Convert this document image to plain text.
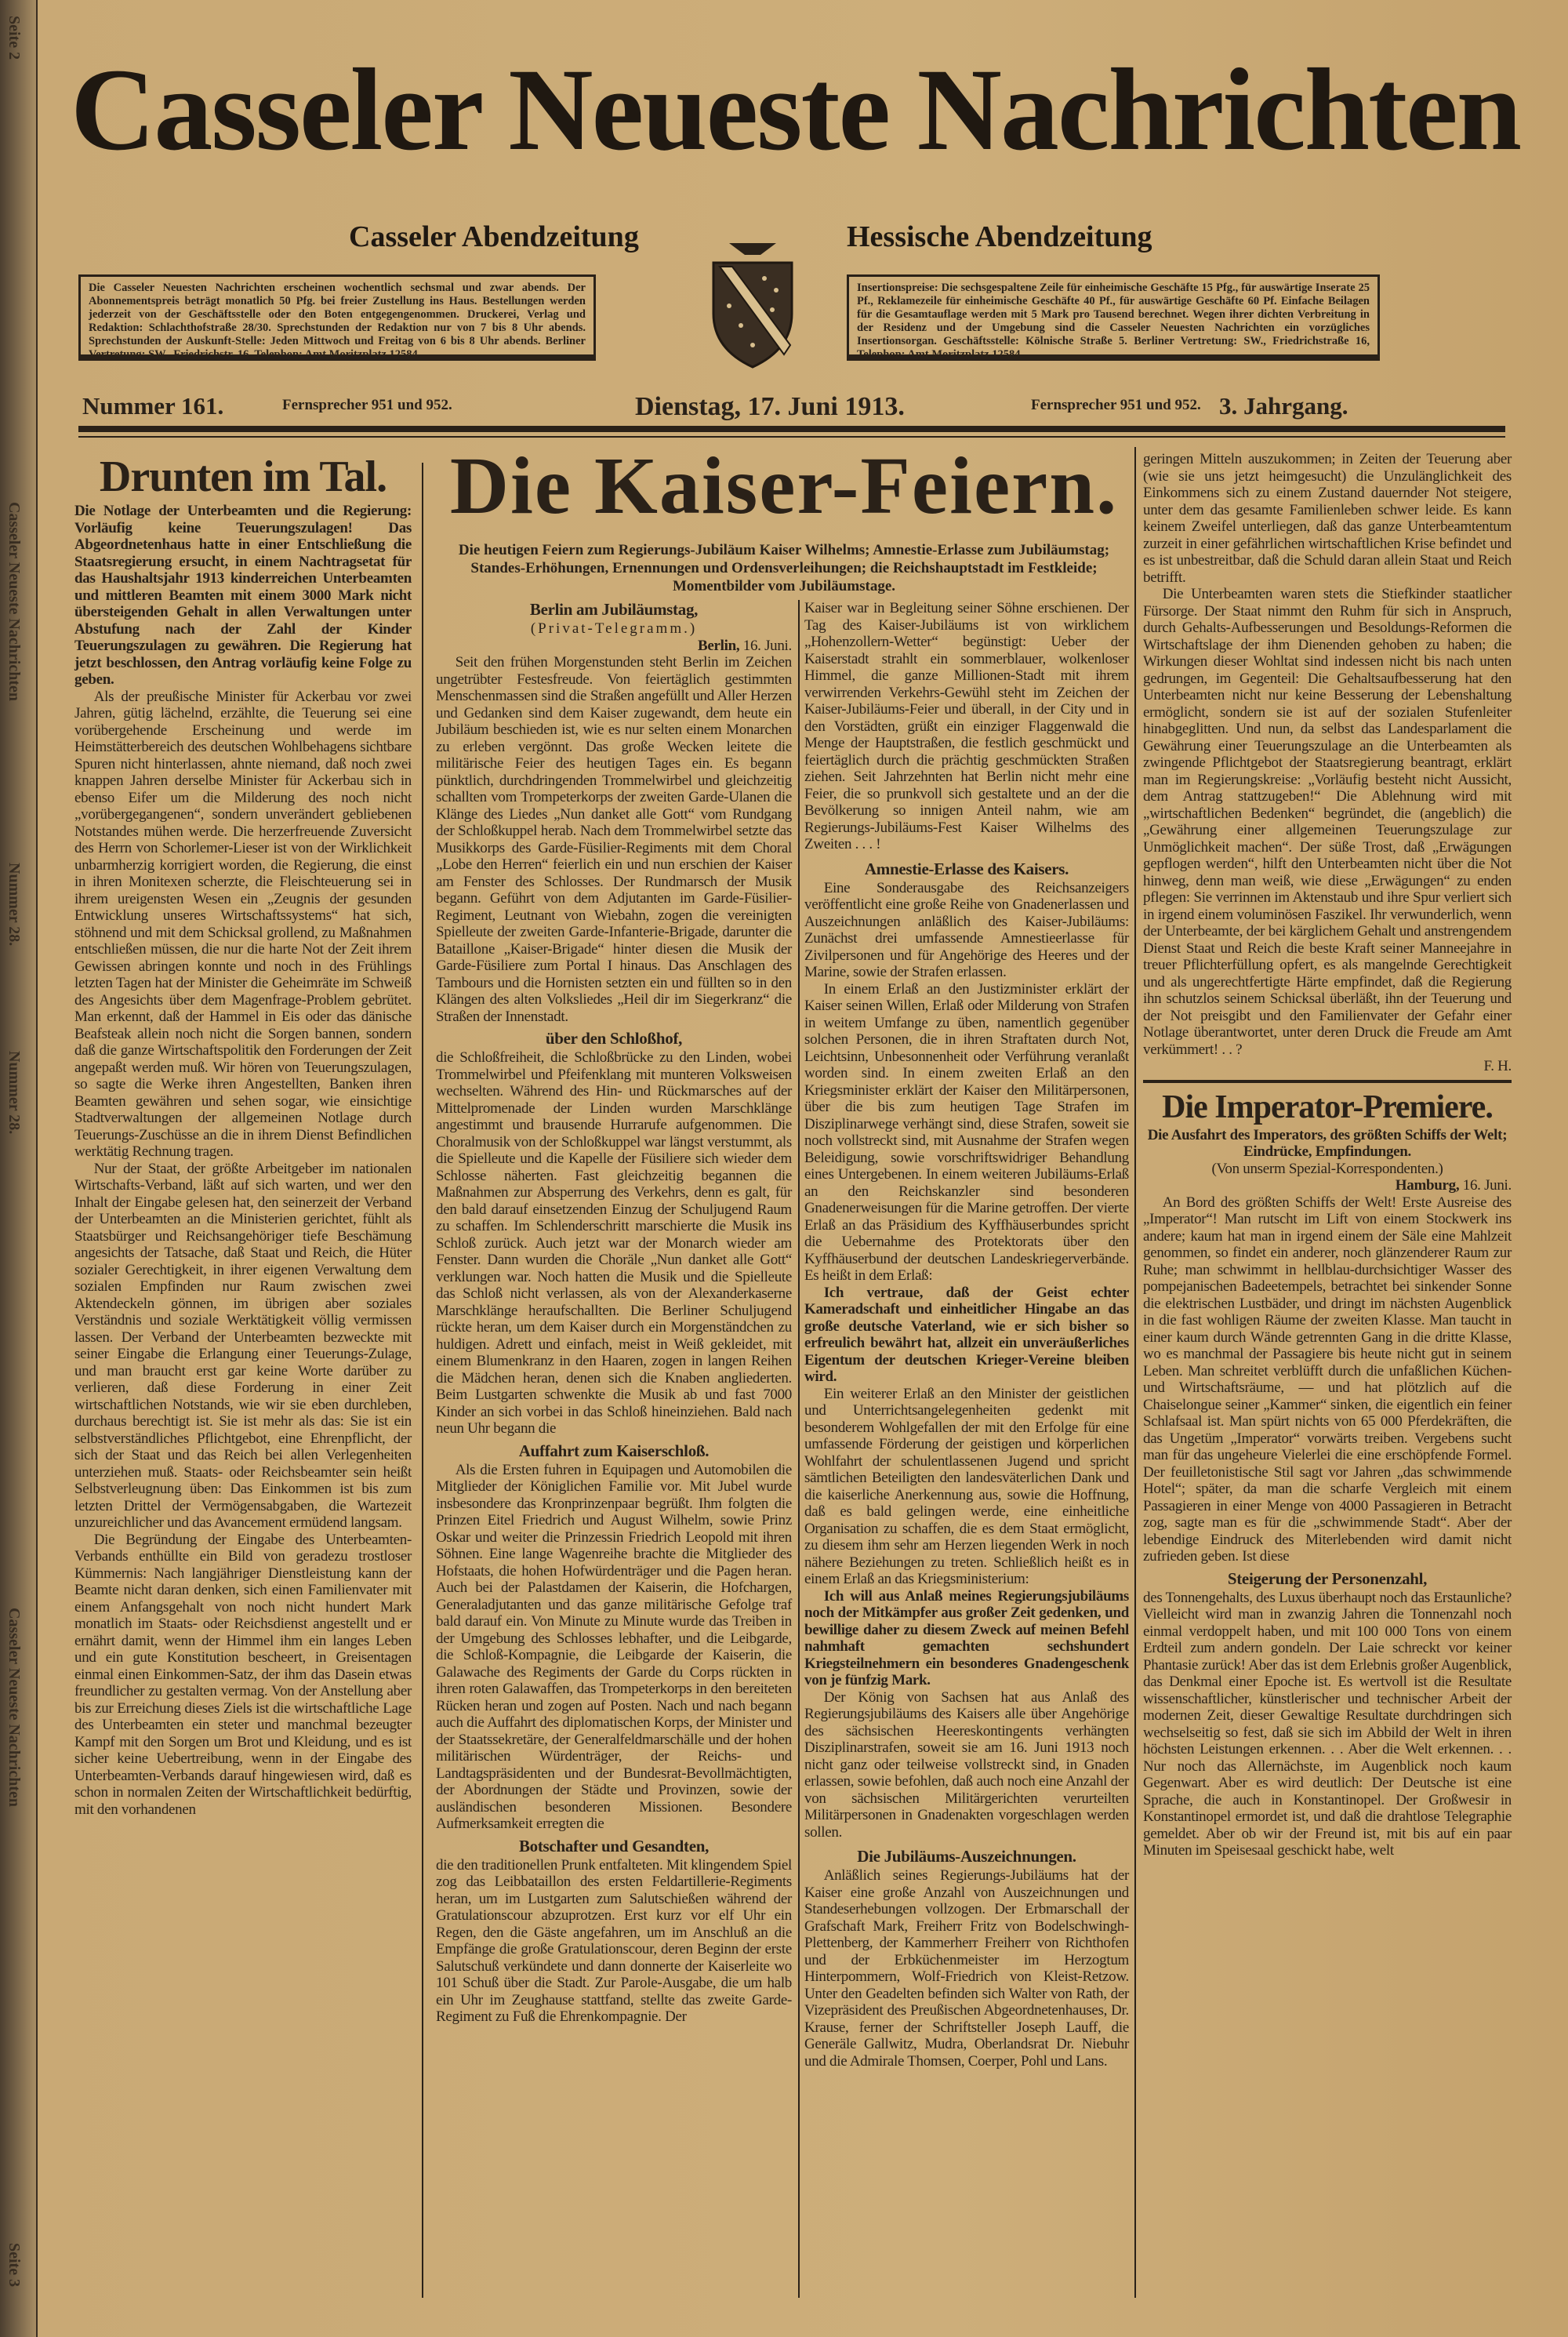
Seite 2
Casseler Neueste Nachrichten
Nummer 28.
Nummer 28.
Casseler Neueste Nachrichten
Seite 3
Casseler Neueste Nachrichten
Casseler Abendzeitung	Hessische Abendzeitung
Die Casseler Neuesten Nachrichten erscheinen wochentlich sechsmal und zwar abends. Der Abonnementspreis beträgt monatlich 50 Pfg. bei freier Zustellung ins Haus. Bestellungen werden jederzeit von der Geschäftsstelle oder den Boten entgegengenommen. Druckerei, Verlag und Redaktion: Schlachthofstraße 28/30. Sprechstunden der Redaktion nur von 7 bis 8 Uhr abends. Sprechstunden der Auskunft-Stelle: Jeden Mittwoch und Freitag von 6 bis 8 Uhr abends. Berliner Vertretung: SW., Friedrichstr. 16, Telephon: Amt Moritzplatz 12584.
Insertionspreise: Die sechsgespaltene Zeile für einheimische Geschäfte 15 Pfg., für auswärtige Inserate 25 Pf., Reklamezeile für einheimische Geschäfte 40 Pf., für auswärtige Geschäfte 60 Pf. Einfache Beilagen für die Gesamtauflage werden mit 5 Mark pro Tausend berechnet. Wegen ihrer dichten Verbreitung in der Residenz und der Umgebung sind die Casseler Neuesten Nachrichten ein vorzügliches Insertionsorgan. Geschäftsstelle: Kölnische Straße 5. Berliner Vertretung: SW., Friedrichstraße 16, Telephon: Amt Moritzplatz 12584
Nummer 161.	Fernsprecher 951 und 952.	Dienstag, 17. Juni 1913.	Fernsprecher 951 und 952. 3. Jahrgang.
Drunten im Tal.

Die Notlage der Unterbeamten und die Regierung: Vorläufig keine Teuerungszulagen! Das Abgeordnetenhaus hatte in einer Entschließung die Staatsregierung ersucht, in einem Nachtragsetat für das Haushaltsjahr 1913 kinderreichen Unterbeamten und mittleren Beamten mit einem 3000 Mark nicht übersteigenden Gehalt in allen Verwaltungen unter Abstufung nach der Zahl der Kinder Teuerungszulagen zu gewähren. Die Regierung hat jetzt beschlossen, den Antrag vorläufig keine Folge zu geben.

Als der preußische Minister für Ackerbau vor zwei Jahren, gütig lächelnd, erzählte, die Teuerung sei eine vorübergehende Erscheinung und werde im Heimstätterbereich des deutschen Wohlbehagens sichtbare Spuren nicht hinterlassen, ahnte niemand, daß noch zwei knappen Jahren derselbe Minister für Ackerbau sich in ebenso Eifer um die Milderung des noch nicht „vorübergegangenen“, sondern unverändert gebliebenen Notstandes mühen werde. Die herzerfreuende Zuversicht des Herrn von Schorlemer-Lieser ist von der Wirklichkeit unbarmherzig korrigiert worden, die Regierung, die einst in ihren Monitexen scherzte, die Fleischteuerung sei in ihrem ureigensten Wesen ein „Zeugnis der gesunden Entwicklung unseres Wirtschaftssystems“ hat sich, stöhnend und mit dem Schicksal grollend, zu Maßnahmen entschließen müssen, die nur die harte Not der Zeit ihrem Gewissen abringen konnte und noch in des Frühlings letzten Tagen hat der Minister die Geheimräte im Schweiß des Angesichts über dem Magenfrage-Problem gebrütet. Man erkennt, daß der Hammel in Eis oder das dänische Beafsteak allein noch nicht die Sorgen bannen, sondern daß die ganze Wirtschaftspolitik den Forderungen der Zeit angepaßt werden muß. Wir hören von Teuerungszulagen, so sagte die Werke ihren Angestellten, Banken ihren Beamten gewähren und sehen sogar, wie einsichtige Stadtverwaltungen der allgemeinen Notlage durch Teuerungs-Zuschüsse an die in ihrem Dienst Befindlichen werktätig Rechnung tragen.

Nur der Staat, der größte Arbeitgeber im nationalen Wirtschafts-Verband, läßt auf sich warten, und wer den Inhalt der Eingabe gelesen hat, den seinerzeit der Verband der Unterbeamten an die Ministerien gerichtet, fühlt als Staatsbürger und Reichsangehöriger tiefe Beschämung angesichts der Tatsache, daß Staat und Reich, die Hüter sozialer Gerechtigkeit, in ihrer eigenen Verwaltung dem sozialen Empfinden nur Raum zwischen zwei Aktendeckeln gönnen, im übrigen aber soziales Verständnis und soziale Werktätigkeit völlig vermissen lassen. Der Verband der Unterbeamten bezweckte mit seiner Eingabe die Erlangung einer Teuerungs-Zulage, und man braucht erst gar keine Worte darüber zu verlieren, daß diese Forderung in einer Zeit wirtschaftlichen Notstands, wie wir sie eben durchleben, durchaus berechtigt ist. Sie ist mehr als das: Sie ist ein selbstverständliches Pflichtgebot, eine Ehrenpflicht, der sich der Staat und das Reich bei allen Verlegenheiten unterziehen muß. Staats- oder Reichsbeamter sein heißt Selbstverleugnung üben: Das Einkommen ist bis zum letzten Drittel der Vermögensabgaben, die Wartezeit unzureichlicher und das Avancement ermüdend langsam.

Die Begründung der Eingabe des Unterbeamten-Verbands enthüllte ein Bild von geradezu trostloser Kümmernis: Nach langjähriger Dienstleistung kann der Beamte nicht daran denken, sich einen Familienvater mit einem Anfangsgehalt von noch nicht hundert Mark monatlich im Staats- oder Reichsdienst angestellt und er ernährt damit, wenn der Himmel ihm ein langes Leben und ein gute Konstitution bescheert, in Greisentagen einmal einen Einkommen-Satz, der ihm das Dasein etwas freundlicher zu gestalten vermag. Von der Anstellung aber bis zur Erreichung dieses Ziels ist die wirtschaftliche Lage des Unterbeamten ein steter und manchmal bezeugter Kampf mit den Sorgen um Brot und Kleidung, und es ist sicher keine Uebertreibung, wenn in der Eingabe des Unterbeamten-Verbands darauf hingewiesen wird, daß es schon in normalen Zeiten der Wirtschaftlichkeit bedürftig, mit den vorhandenen

Die Kaiser-Feiern.
Die heutigen Feiern zum Regierungs-Jubiläum Kaiser Wilhelms; Amnestie-Erlasse zum Jubiläumstag; Standes-Erhöhungen, Ernennungen und Ordensverleihungen; die Reichshauptstadt im Festkleide; Momentbilder vom Jubiläumstage.
Berlin am Jubiläumstag,

(Privat-Telegramm.)

Berlin, 16. Juni.

Seit den frühen Morgenstunden steht Berlin im Zeichen ungetrübter Festesfreude. Von feiertäglich gestimmten Menschenmassen sind die Straßen angefüllt und Aller Herzen und Gedanken sind dem Kaiser zugewandt, dem heute ein Jubiläum beschieden ist, wie es nur selten einem Monarchen zu erleben vergönnt. Das große Wecken leitete die militärische Feier des heutigen Tages ein. Es begann pünktlich, durchdringenden Trommelwirbel und gleichzeitig schallten vom Trompeterkorps der zweiten Garde-Ulanen die Klänge des Liedes „Nun danket alle Gott“ vom Rundgang der Schloßkuppel herab. Nach dem Trommelwirbel setzte das Musikkorps des Garde-Füsilier-Regiments mit dem Choral „Lobe den Herren“ feierlich ein und nun erschien der Kaiser am Fenster des Schlosses. Der Rundmarsch der Musik begann. Geführt von dem Adjutanten im Garde-Füsilier-Regiment, Leutnant von Wiebahn, zogen die vereinigten Spielleute der zweiten Garde-Infanterie-Brigade, darunter die Bataillone „Kaiser-Brigade“ hinter diesen die Musik der Garde-Füsiliere zum Portal I hinaus. Das Anschlagen des Tambours und die Hornisten setzten ein und füllten so in den Klängen des alten Volksliedes „Heil dir im Siegerkranz“ die Straßen der Innenstadt.

über den Schloßhof,

die Schloßfreiheit, die Schloßbrücke zu den Linden, wobei Trommelwirbel und Pfeifenklang mit munteren Volksweisen wechselten. Während des Hin- und Rückmarsches auf der Mittelpromenade der Linden wurden Marschklänge angestimmt und brausende Hurrarufe aufgenommen. Die Choralmusik von der Schloßkuppel war längst verstummt, als die Spielleute und die Kapelle der Füsiliere sich wieder dem Schlosse näherten. Fast gleichzeitig begannen die Maßnahmen zur Absperrung des Verkehrs, denn es galt, für den bald darauf einsetzenden Einzug der Schuljugend Raum zu schaffen. Im Schlenderschritt marschierte die Musik ins Schloß zurück. Auch jetzt war der Monarch wieder am Fenster. Dann wurden die Choräle „Nun danket alle Gott“ verklungen war. Noch hatten die Musik und die Spielleute das Schloß nicht verlassen, als von der Alexanderkaserne Marschklänge heraufschallten. Die Berliner Schuljugend rückte heran, um dem Kaiser durch ein Morgenständchen zu huldigen. Adrett und einfach, meist in Weiß gekleidet, mit einem Blumenkranz in den Haaren, zogen in langen Reihen die Mädchen heran, denen sich die Knaben angliederten. Beim Lustgarten schwenkte die Musik ab und fast 7000 Kinder an sich vorbei in das Schloß hineinziehen. Bald nach neun Uhr begann die

Auffahrt zum Kaiserschloß.

Als die Ersten fuhren in Equipagen und Automobilen die Mitglieder der Königlichen Familie vor. Mit Jubel wurde insbesondere das Kronprinzenpaar begrüßt. Ihm folgten die Prinzen Eitel Friedrich und August Wilhelm, sowie Prinz Oskar und weiter die Prinzessin Friedrich Leopold mit ihren Söhnen. Eine lange Wagenreihe brachte die Mitglieder des Hofstaats, die hohen Hofwürdenträger und die Pagen heran. Auch bei der Palastdamen der Kaiserin, die Hofchargen, Generaladjutanten und das ganze militärische Gefolge traf bald darauf ein. Von Minute zu Minute wurde das Treiben in der Umgebung des Schlosses lebhafter, und die Leibgarde, die Schloß-Kompagnie, die Leibgarde der Kaiserin, die Galawache des Regiments der Garde du Corps rückten in ihren roten Galawaffen, das Trompeterkorps in den bereiteten Rücken heran und zogen auf Posten. Nach und nach begann auch die Auffahrt des diplomatischen Korps, der Minister und der Staatssekretäre, der Generalfeldmarschälle und der hohen militärischen Würdenträger, der Reichs- und Landtagspräsidenten und der Bundesrat-Bevollmächtigten, der Abordnungen der Städte und Provinzen, sowie der ausländischen besonderen Missionen. Besondere Aufmerksamkeit erregten die

Botschafter und Gesandten,

die den traditionellen Prunk entfalteten. Mit klingendem Spiel zog das Leibbataillon des ersten Feldartillerie-Regiments heran, um im Lustgarten zum Salutschießen während der Gratulationscour abzuprotzen. Erst kurz vor elf Uhr ein Regen, den die Gäste angefahren, um im Anschluß an die Empfänge die große Gratulationscour, deren Beginn der erste Salutschuß verkündete und dann donnerte der Kaiserleite wo 101 Schuß über die Stadt. Zur Parole-Ausgabe, die um halb ein Uhr im Zeughause stattfand, stellte das zweite Garde-Regiment zu Fuß die Ehrenkompagnie. Der

Kaiser war in Begleitung seiner Söhne erschienen. Der Tag des Kaiser-Jubiläums ist von wirklichem „Hohenzollern-Wetter“ begünstigt: Ueber der Kaiserstadt strahlt ein sommerblauer, wolkenloser Himmel, die ganze Millionen-Stadt mit ihrem verwirrenden Verkehrs-Gewühl steht im Zeichen der Kaiser-Jubiläums-Feier und überall, in der City und in den Vorstädten, grüßt ein einziger Flaggenwald die Menge der Hauptstraßen, die festlich geschmückt und feiertäglich durch die prächtig geschmückten Straßen ziehen. Seit Jahrzehnten hat Berlin nicht mehr eine Feier, die so prunkvoll sich gestaltete und an der die Bevölkerung so innigen Anteil nahm, wie am Regierungs-Jubiläums-Fest Kaiser Wilhelms des Zweiten . . . !

Amnestie-Erlasse des Kaisers.

Eine Sonderausgabe des Reichsanzeigers veröffentlicht eine große Reihe von Gnadenerlassen und Auszeichnungen anläßlich des Kaiser-Jubiläums: Zunächst drei umfassende Amnestieerlasse für Zivilpersonen und für Angehörige des Heeres und der Marine, sowie der Strafen erlassen.

In einem Erlaß an den Justizminister erklärt der Kaiser seinen Willen, Erlaß oder Milderung von Strafen in weitem Umfange zu üben, namentlich gegenüber solchen Personen, die in ihren Straftaten durch Not, Leichtsinn, Unbesonnenheit oder Verführung veranlaßt worden sind. In einem zweiten Erlaß an den Kriegsminister erklärt der Kaiser den Militärpersonen, über die bis zum heutigen Tage Strafen im Disziplinarwege verhängt sind, diese Strafen, soweit sie noch vollstreckt sind, mit Ausnahme der Strafen wegen Beleidigung, sowie vorschriftswidriger Behandlung eines Untergebenen. In einem weiteren Jubiläums-Erlaß an den Reichskanzler sind besonderen Gnadenerweisungen für die Marine getroffen. Der vierte Erlaß an das Präsidium des Kyffhäuserbundes spricht die Uebernahme des Protektorats über den Kyffhäuserbund der deutschen Landeskriegerverbände. Es heißt in dem Erlaß:

Ich vertraue, daß der Geist echter Kameradschaft und einheitlicher Hingabe an das große deutsche Vaterland, wie er sich bisher so erfreulich bewährt hat, allzeit ein unveräußerliches Eigentum der deutschen Krieger-Vereine bleiben wird.

Ein weiterer Erlaß an den Minister der geistlichen und Unterrichtsangelegenheiten gedenkt mit besonderem Wohlgefallen der mit den Erfolge für eine umfassende Förderung der geistigen und körperlichen Wohlfahrt der schulentlassenen Jugend und spricht sämtlichen Beteiligten den landesväterlichen Dank und die kaiserliche Anerkennung aus, sowie die Hoffnung, daß es bald gelingen werde, eine einheitliche Organisation zu schaffen, die es dem Staat ermöglicht, zu diesem ihm sehr am Herzen liegenden Werk in noch nähere Beziehungen zu treten. Schließlich heißt es in einem Erlaß an das Kriegsministerium:

Ich will aus Anlaß meines Regierungsjubiläums noch der Mitkämpfer aus großer Zeit gedenken, und bewillige daher zu diesem Zweck auf meinen Befehl nahmhaft gemachten sechshundert Kriegsteilnehmern ein besonderes Gnadengeschenk von je fünfzig Mark.

Der König von Sachsen hat aus Anlaß des Regierungsjubiläums des Kaisers alle über Angehörige des sächsischen Heereskontingents verhängten Disziplinarstrafen, soweit sie am 16. Juni 1913 noch nicht ganz oder teilweise vollstreckt sind, in Gnaden erlassen, sowie befohlen, daß auch noch eine Anzahl der von sächsischen Militärgerichten verurteilten Militärpersonen in Gnadenakten vorgeschlagen werden sollen.

Die Jubiläums-Auszeichnungen.

Anläßlich seines Regierungs-Jubiläums hat der Kaiser eine große Anzahl von Auszeichnungen und Standeserhebungen vollzogen. Der Erbmarschall der Grafschaft Mark, Freiherr Fritz von Bodelschwingh-Plettenberg, der Kammerherr Freiherr von Richthofen und der Erbküchenmeister im Herzogtum Hinterpommern, Wolf-Friedrich von Kleist-Retzow. Unter den Geadelten befinden sich Walter von Rath, der Vizepräsident des Preußischen Abgeordnetenhauses, Dr. Krause, ferner der Schriftsteller Joseph Lauff, die Generäle Gallwitz, Mudra, Oberlandsrat Dr. Niebuhr und die Admirale Thomsen, Coerper, Pohl und Lans.

geringen Mitteln auszukommen; in Zeiten der Teuerung aber (wie sie uns jetzt heimgesucht) die Unzulänglichkeit des Einkommens sich zu einem Zustand dauernder Not steigere, unter dem das gesamte Familienleben schwer leide. Es kann keinem Zweifel unterliegen, daß das ganze Unterbeamtentum zurzeit in einer gefährlichen wirtschaftlichen Krise befindet und es ist unbestreitbar, daß die Schuld daran allein Staat und Reich betrifft.

Die Unterbeamten waren stets die Stiefkinder staatlicher Fürsorge. Der Staat nimmt den Ruhm für sich in Anspruch, durch Gehalts-Aufbesserungen und Besoldungs-Reformen die Wirtschaftslage der ihm Dienenden gehoben zu haben; die Wirkungen dieser Wohltat sind indessen nicht bis nach unten gedrungen, im Gegenteil: Die Gehaltsaufbesserung hat den Unterbeamten nicht nur keine Besserung der Lebenshaltung ermöglicht, sondern sie ist auf der sozialen Stufenleiter hinabgeglitten. Und nun, da selbst das Landesparlament die Gewährung einer Teuerungszulage an die Unterbeamten als zwingende Pflichtgebot der Staatsregierung beantragt, erklärt man im Regierungskreise: „Vorläufig besteht nicht Aussicht, dem Antrag stattzugeben!“ Die Ablehnung wird mit „wirtschaftlichen Bedenken“ begründet, die (angeblich) die „Gewährung einer allgemeinen Teuerungszulage zur Unmöglichkeit machen“. Der süße Trost, daß „Erwägungen gepflogen werden“, hilft den Unterbeamten nicht über die Not hinweg, denn man weiß, wie diese „Erwägungen“ zu enden pflegen: Sie verrinnen im Aktenstaub und ihre Spur verliert sich in irgend einem voluminösen Faszikel. Ihr verwunderlich, wenn der Unterbeamte, der bei kärglichem Gehalt und anstrengendem Dienst Staat und Reich die beste Kraft seiner Manneejahre in treuer Pflichterfüllung opfert, es als mangelnde Gerechtigkeit und als ungerechtfertigte Härte empfindet, daß die Regierung ihn schutzlos seinem Schicksal überläßt, ihn der Teuerung und der Not preisgibt und den Familienvater der Gefahr einer Notlage überantwortet, unter deren Druck die Freude am Amt verkümmert! . . ?

F. H.

Die Imperator-Premiere.

Die Ausfahrt des Imperators, des größten Schiffs der Welt; Eindrücke, Empfindungen.

(Von unserm Spezial-Korrespondenten.)

Hamburg, 16. Juni.

An Bord des größten Schiffs der Welt! Erste Ausreise des „Imperator“! Man rutscht im Lift von einem Stockwerk ins andere; kaum hat man in irgend einem der Säle eine Mahlzeit genommen, so findet ein anderer, noch glänzenderer Raum zur Ruhe; man schwimmt in hellblau-durchsichtiger Wasser des pompejanischen Badeetempels, betrachtet bei sinkender Sonne die elektrischen Lustbäder, und dringt im nächsten Augenblick in die fast wohligen Räume der zweiten Klasse. Man taucht in einer kaum durch Wände getrennten Gang in die dritte Klasse, wo es manchmal der Passagiere bis heute nicht gut in seinem Leben. Man schreitet verblüfft durch die unfaßlichen Küchen- und Wirtschaftsräume, — und hat plötzlich auf die Chaiselongue seiner „Kammer“ sinken, die eigentlich ein feiner Schlafsaal ist. Man spürt nichts von 65 000 Pferdekräften, die das Ungetüm „Imperator“ vorwärts treiben. Vergebens sucht man für das ungeheure Vielerlei die eine erschöpfende Formel. Der feuilletonistische Stil sagt vor Jahren „das schwimmende Hotel“; später, da man die scharfe Vergleich mit einem Passagieren in einer Menge von 4000 Passagieren in Betracht zog, sagte man es für die „schwimmende Stadt“. Aber der lebendige Eindruck des Miterlebenden wird damit nicht zufrieden geben. Ist diese

Steigerung der Personenzahl,

des Tonnengehalts, des Luxus überhaupt noch das Erstaunliche? Vielleicht wird man in zwanzig Jahren die Tonnenzahl noch einmal verdoppelt haben, und mit 100 000 Tons von einem Erdteil zum andern gondeln. Der Laie schreckt vor keiner Phantasie zurück! Aber das ist dem Erlebnis großer Augenblick, das Denkmal einer Epoche ist. Es wertvoll ist die Resultate wissenschaftlicher, künstlerischer und technischer Arbeit der modernen Zeit, dieser Gewaltige Resultate durchdringen sich wechselseitig so fest, daß sie sich im Abbild der Welt in ihren höchsten Leistungen erkennen. . . Aber die Welt erkennen. . . Nur noch das Allernächste, im Augenblick noch kaum Gegenwart. Aber es wird deutlich: Der Deutsche ist eine Sprache, die auch in Konstantinopel. Der Großwesir in Konstantinopel ermordet ist, und daß die drahtlose Telegraphie gemeldet. Aber ob wir der Freund ist, mit bis auf ein paar Minuten im Speisesaal geschickt habe, welt
